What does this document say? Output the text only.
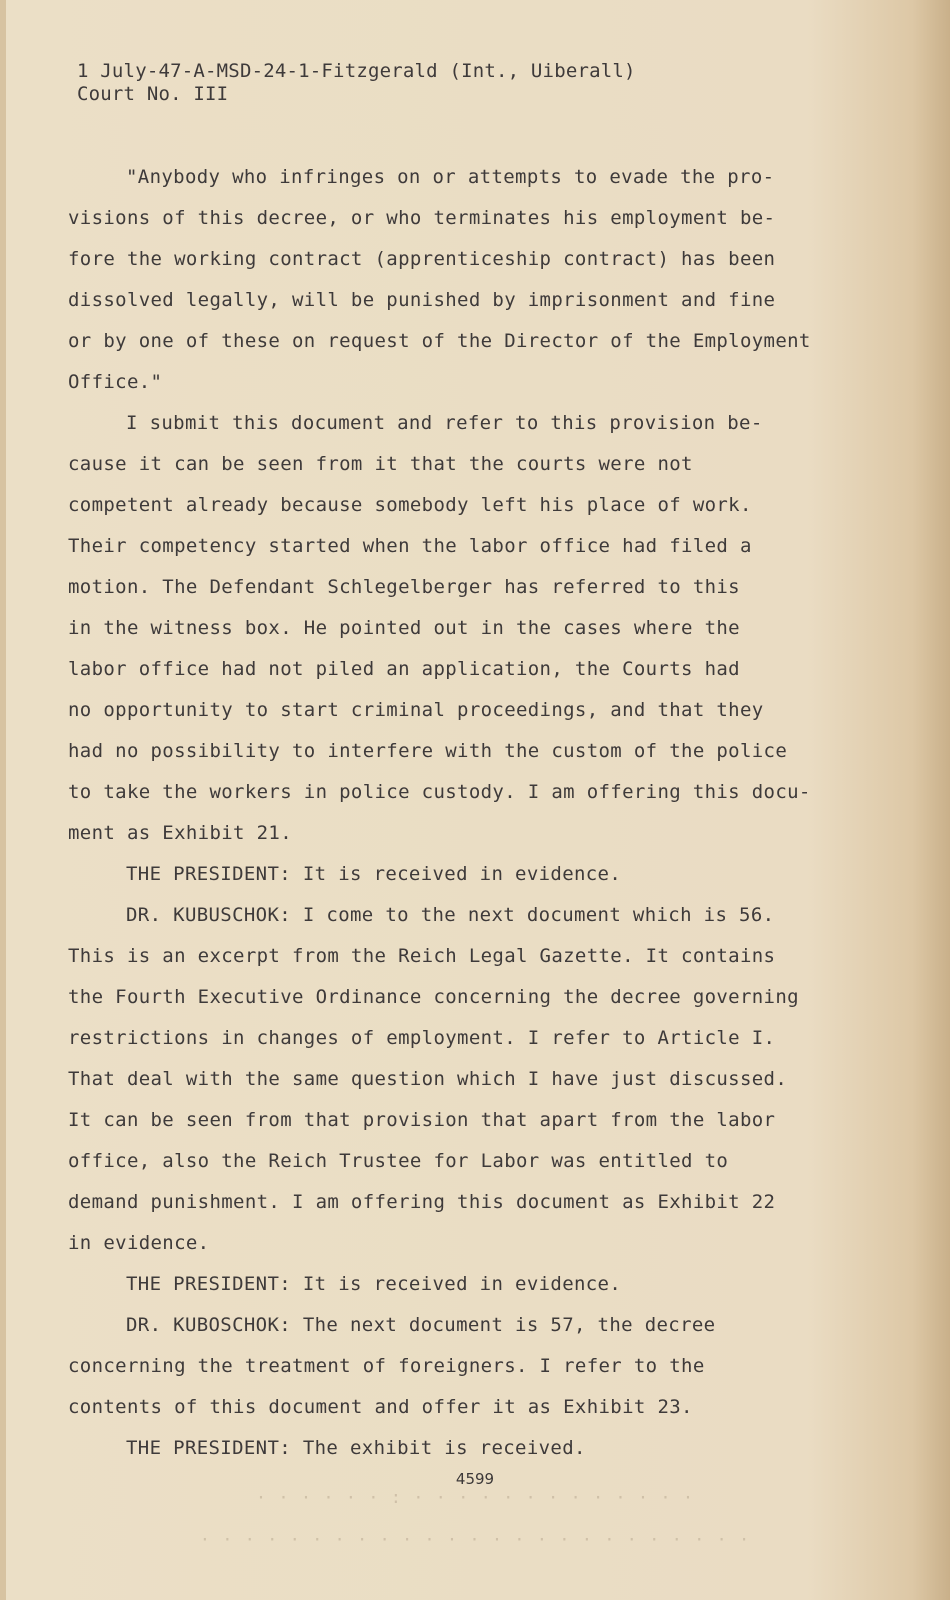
1 July-47-A-MSD-24-1-Fitzgerald (Int., Uiberall)
Court No. III

"Anybody who infringes on or attempts to evade the pro-
visions of this decree, or who terminates his employment be-
fore the working contract (apprenticeship contract) has been
dissolved legally, will be punished by imprisonment and fine
or by one of these on request of the Director of the Employment
Office."

I submit this document and refer to this provision be-
cause it can be seen from it that the courts were not
competent already because somebody left his place of work.
Their competency started when the labor office had filed a
motion. The Defendant Schlegelberger has referred to this
in the witness box. He pointed out in the cases where the
labor office had not piled an application, the Courts had
no opportunity to start criminal proceedings, and that they
had no possibility to interfere with the custom of the police
to take the workers in police custody. I am offering this docu-
ment as Exhibit 21.

THE PRESIDENT: It is received in evidence.

DR. KUBUSCHOK: I come to the next document which is 56.
This is an excerpt from the Reich Legal Gazette. It contains
the Fourth Executive Ordinance concerning the decree governing
restrictions in changes of employment. I refer to Article I.
That deal with the same question which I have just discussed.
It can be seen from that provision that apart from the labor
office, also the Reich Trustee for Labor was entitled to
demand punishment. I am offering this document as Exhibit 22
in evidence.

THE PRESIDENT: It is received in evidence.

DR. KUBOSCHOK: The next document is 57, the decree
concerning the treatment of foreigners. I refer to the
contents of this document and offer it as Exhibit 23.

THE PRESIDENT: The exhibit is received.

4599
· · · · · · : · · · · · · · · · · · · ·
· · · · · · · · · · · · · · · · · · · · · · · · ·
